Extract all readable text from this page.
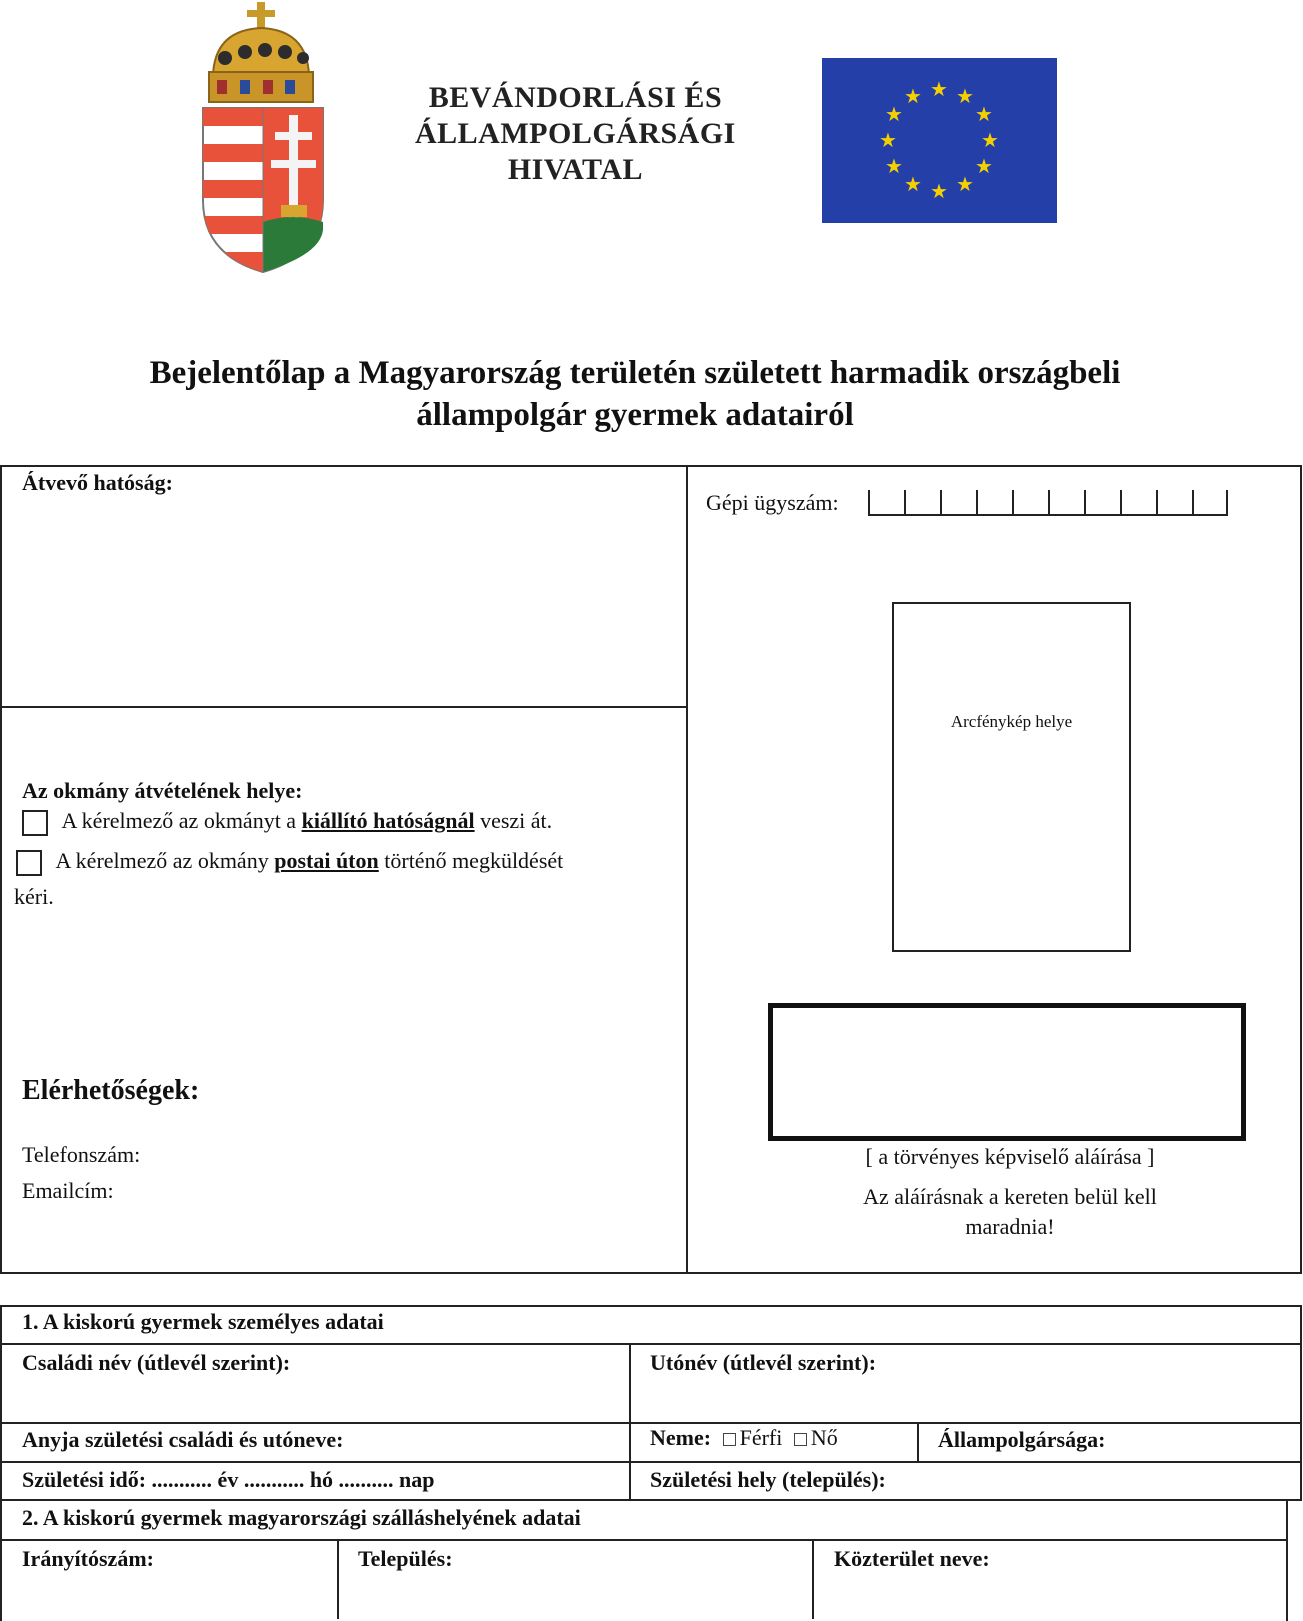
BEVÁNDORLÁSI ÉS
ÁLLAMPOLGÁRSÁGI
HIVATAL
★ ★
★
★
★
★
★
★
★
★
★
★
Bejelentőlap a Magyarország területén született harmadik országbeli
állampolgár gyermek adatairól
Átvevő hatóság:
Gépi ügyszám:
Arcfénykép helye
Az okmány átvételének helye:
A kérelmező az okmányt a kiállító hatóságnál veszi át.
A kérelmező az okmány postai úton történő megküldését
kéri.
Elérhetőségek:
Telefonszám:
Emailcím:
[ a törvényes képviselő aláírása ]
Az aláírásnak a kereten belül kell
maradnia!
1. A kiskorú gyermek személyes adatai
Családi név (útlevél szerint):	Utónév (útlevél szerint):
Anyja születési családi és utóneve:	Neme: Férfi Nő	Állampolgársága:
Születési idő: ........... év ........... hó .......... nap	Születési hely (település):
2. A kiskorú gyermek magyarországi szálláshelyének adatai
Irányítószám:	Település:	Közterület neve:
